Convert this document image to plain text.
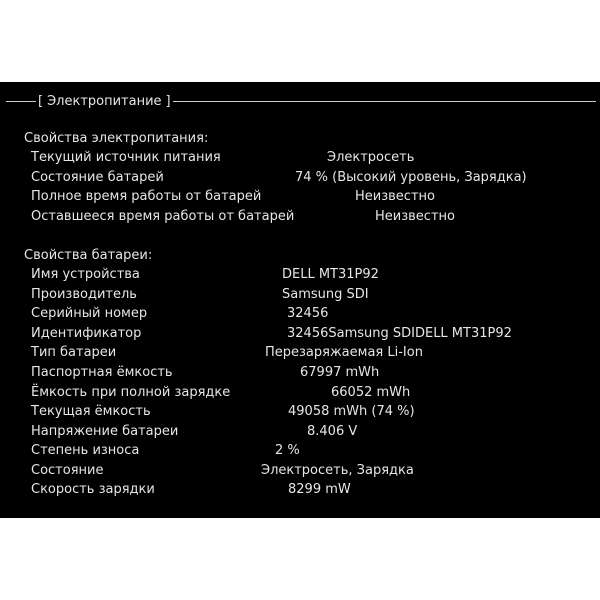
[ Электропитание ]
Свойства электропитания:
Текущий источник питания	Электросеть
Состояние батарей	74 % (Высокий уровень, Зарядка)
Полное время работы от батарей	Неизвестно
Оставшееся время работы от батарей	Неизвестно
Свойства батареи:
Имя устройства	DELL MT31P92
Производитель	Samsung SDI
Серийный номер	32456
Идентификатор	32456Samsung SDIDELL MT31P92
Тип батареи	Перезаряжаемая Li-Ion
Паспортная ёмкость	67997 mWh
Ёмкость при полной зарядке	66052 mWh
Текущая ёмкость	49058 mWh (74 %)
Напряжение батареи	8.406 V
Степень износа	2 %
Состояние	Электросеть, Зарядка
Скорость зарядки	8299 mW
